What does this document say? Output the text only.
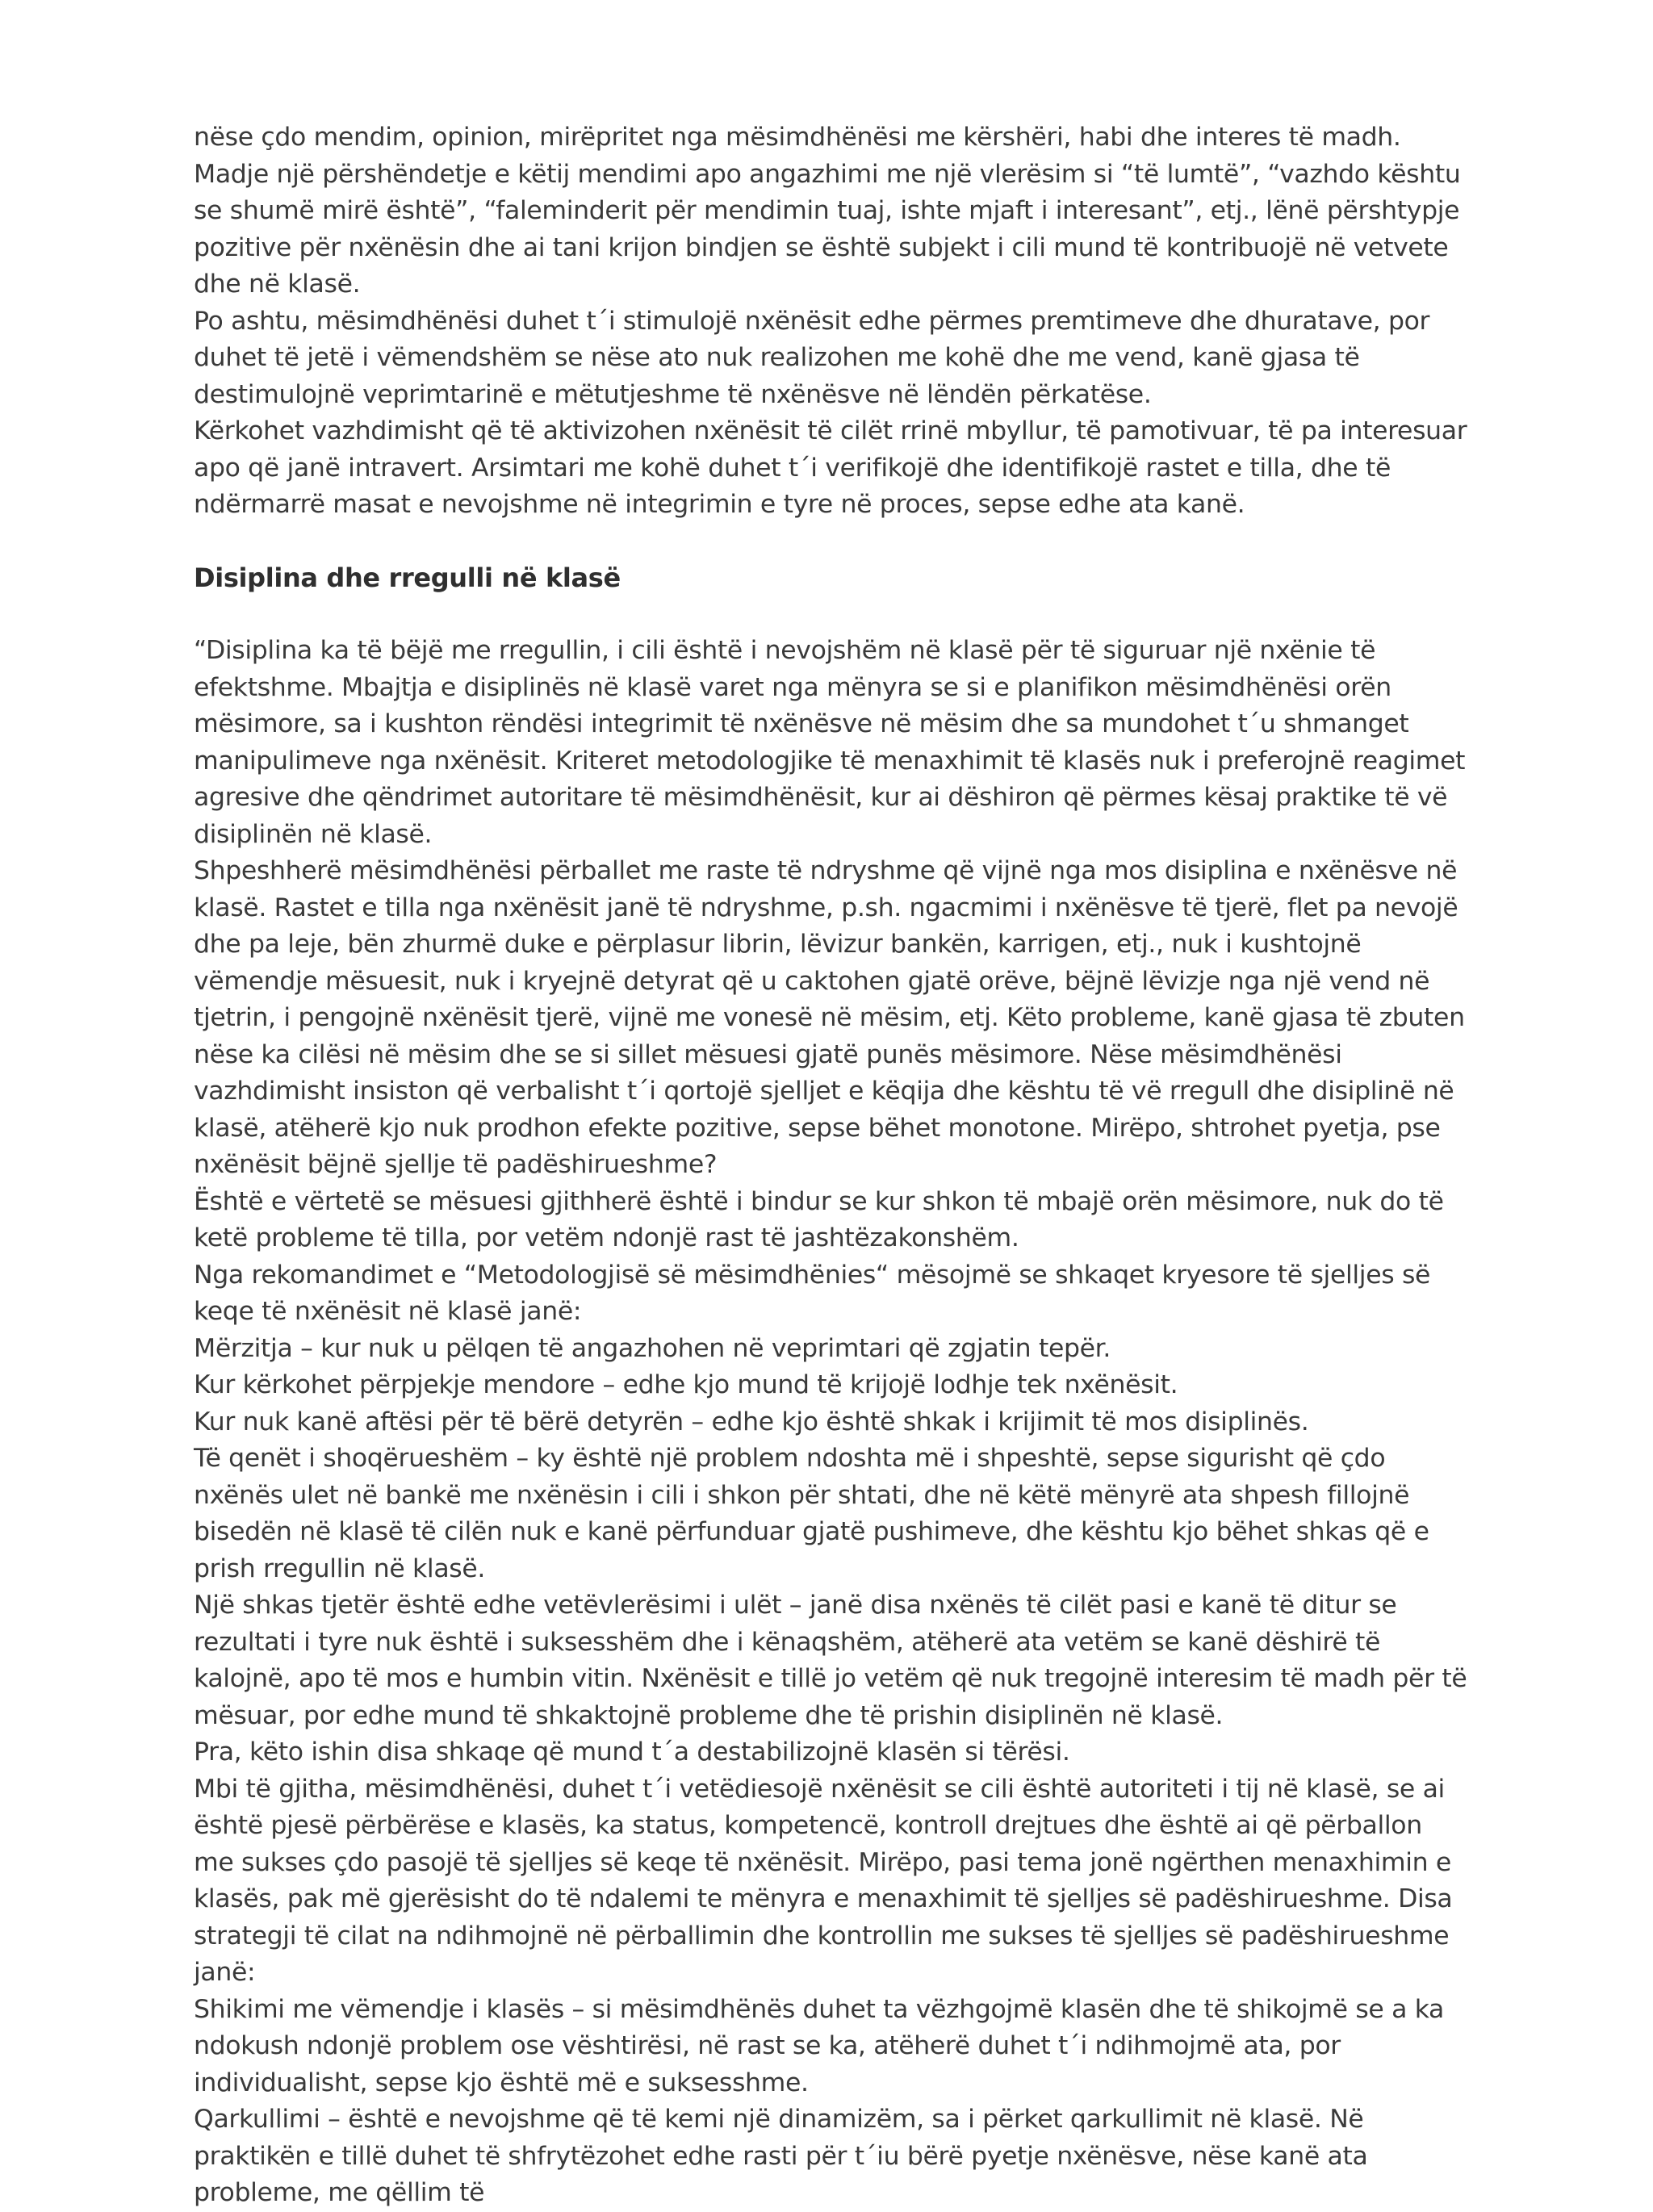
nëse çdo mendim, opinion, mirëpritet nga mësimdhënësi me kërshëri, habi dhe interes të madh. Madje një përshëndetje e këtij mendimi apo angazhimi me një vlerësim si “të lumtë”, “vazhdo kështu se shumë mirë është”, “faleminderit për mendimin tuaj, ishte mjaft i interesant”, etj., lënë përshtypje pozitive për nxënësin dhe ai tani krijon bindjen se është subjekt i cili mund të kontribuojë në vetvete dhe në klasë.

Po ashtu, mësimdhënësi duhet t´i stimulojë nxënësit edhe përmes premtimeve dhe dhuratave, por duhet të jetë i vëmendshëm se nëse ato nuk realizohen me kohë dhe me vend, kanë gjasa të destimulojnë veprimtarinë e mëtutjeshme të nxënësve në lëndën përkatëse.

Kërkohet vazhdimisht që të aktivizohen nxënësit të cilët rrinë mbyllur, të pamotivuar, të pa interesuar apo që janë intravert. Arsimtari me kohë duhet t´i verifikojë dhe identifikojë rastet e tilla, dhe të ndërmarrë masat e nevojshme në integrimin e tyre në proces, sepse edhe ata kanë.

Disiplina dhe rregulli në klasë

“Disiplina ka të bëjë me rregullin, i cili është i nevojshëm në klasë për të siguruar një nxënie të efektshme. Mbajtja e disiplinës në klasë varet nga mënyra se si e planifikon mësimdhënësi orën mësimore, sa i kushton rëndësi integrimit të nxënësve në mësim dhe sa mundohet t´u shmanget manipulimeve nga nxënësit. Kriteret metodologjike të menaxhimit të klasës nuk i preferojnë reagimet agresive dhe qëndrimet autoritare të mësimdhënësit, kur ai dëshiron që përmes kësaj praktike të vë disiplinën në klasë.

Shpeshherë mësimdhënësi përballet me raste të ndryshme që vijnë nga mos disiplina e nxënësve në klasë. Rastet e tilla nga nxënësit janë të ndryshme, p.sh. ngacmimi i nxënësve të tjerë, flet pa nevojë dhe pa leje, bën zhurmë duke e përplasur librin, lëvizur bankën, karrigen, etj., nuk i kushtojnë vëmendje mësuesit, nuk i kryejnë detyrat që u caktohen gjatë orëve, bëjnë lëvizje nga një vend në tjetrin, i pengojnë nxënësit tjerë, vijnë me vonesë në mësim, etj. Këto probleme, kanë gjasa të zbuten nëse ka cilësi në mësim dhe se si sillet mësuesi gjatë punës mësimore. Nëse mësimdhënësi vazhdimisht insiston që verbalisht t´i qortojë sjelljet e këqija dhe kështu të vë rregull dhe disiplinë në klasë, atëherë kjo nuk prodhon efekte pozitive, sepse bëhet monotone. Mirëpo, shtrohet pyetja, pse nxënësit bëjnë sjellje të padëshirueshme?

Është e vërtetë se mësuesi gjithherë është i bindur se kur shkon të mbajë orën mësimore, nuk do të ketë probleme të tilla, por vetëm ndonjë rast të jashtëzakonshëm.

Nga rekomandimet e “Metodologjisë së mësimdhënies“ mësojmë se shkaqet kryesore të sjelljes së keqe të nxënësit në klasë janë:

Mërzitja – kur nuk u pëlqen të angazhohen në veprimtari që zgjatin tepër.

Kur kërkohet përpjekje mendore – edhe kjo mund të krijojë lodhje tek nxënësit.

Kur nuk kanë aftësi për të bërë detyrën – edhe kjo është shkak i krijimit të mos disiplinës.

Të qenët i shoqërueshëm – ky është një problem ndoshta më i shpeshtë, sepse sigurisht që çdo nxënës ulet në bankë me nxënësin i cili i shkon për shtati, dhe në këtë mënyrë ata shpesh fillojnë bisedën në klasë të cilën nuk e kanë përfunduar gjatë pushimeve, dhe kështu kjo bëhet shkas që e prish rregullin në klasë.

Një shkas tjetër është edhe vetëvlerësimi i ulët – janë disa nxënës të cilët pasi e kanë të ditur se rezultati i tyre nuk është i suksesshëm dhe i kënaqshëm, atëherë ata vetëm se kanë dëshirë të kalojnë, apo të mos e humbin vitin. Nxënësit e tillë jo vetëm që nuk tregojnë interesim të madh për të mësuar, por edhe mund të shkaktojnë probleme dhe të prishin disiplinën në klasë.

Pra, këto ishin disa shkaqe që mund t´a destabilizojnë klasën si tërësi.

Mbi të gjitha, mësimdhënësi, duhet t´i vetëdiesojë nxënësit se cili është autoriteti i tij në klasë, se ai është pjesë përbërëse e klasës, ka status, kompetencë, kontroll drejtues dhe është ai që përballon me sukses çdo pasojë të sjelljes së keqe të nxënësit. Mirëpo, pasi tema jonë ngërthen menaxhimin e klasës, pak më gjerësisht do të ndalemi te mënyra e menaxhimit të sjelljes së padëshirueshme. Disa strategji të cilat na ndihmojnë në përballimin dhe kontrollin me sukses të sjelljes së padëshirueshme janë:

Shikimi me vëmendje i klasës – si mësimdhënës duhet ta vëzhgojmë klasën dhe të shikojmë se a ka ndokush ndonjë problem ose vështirësi, në rast se ka, atëherë duhet t´i ndihmojmë ata, por individualisht, sepse kjo është më e suksesshme.

Qarkullimi – është e nevojshme që të kemi një dinamizëm, sa i përket qarkullimit në klasë. Në praktikën e tillë duhet të shfrytëzohet edhe rasti për t´iu bërë pyetje nxënësve, nëse kanë ata probleme, me qëllim të
